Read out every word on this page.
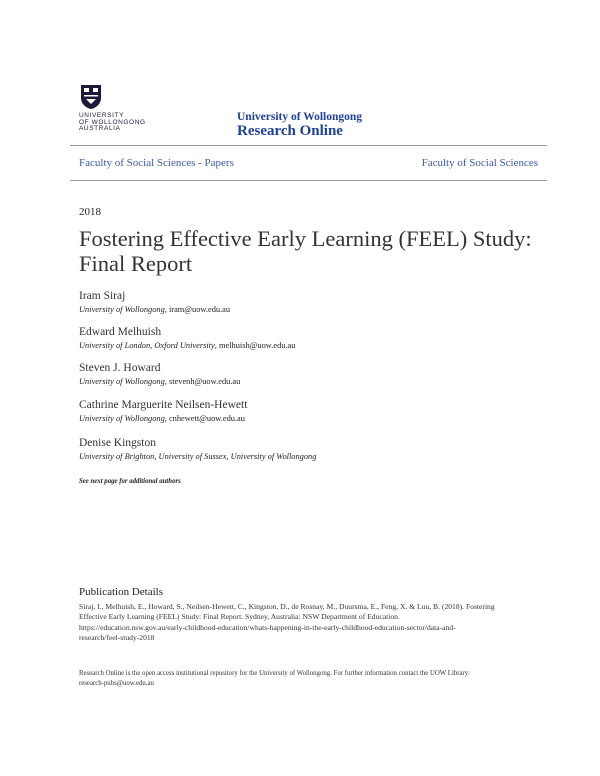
UNIVERSITY
OF WOLLONGONG
AUSTRALIA
University of Wollongong
Research Online
Faculty of Social Sciences - Papers	Faculty of Social Sciences
2018
Fostering Effective Early Learning (FEEL) Study: Final Report
Iram Siraj
University of Wollongong, iram@uow.edu.au
Edward Melhuish
University of London, Oxford University, melhuish@uow.edu.au
Steven J. Howard
University of Wollongong, stevenh@uow.edu.au
Cathrine Marguerite Neilsen-Hewett
University of Wollongong, cnhewett@uow.edu.au
Denise Kingston
University of Brighton, University of Sussex, University of Wollongong
See next page for additional authors
Publication Details
Siraj, I., Melhuish, E., Howard, S., Neilsen-Hewett, C., Kingston, D., de Rosnay, M., Duursma, E., Feng, X. & Luu, B. (2018). Fostering
Effective Early Learning (FEEL) Study: Final Report. Sydney, Australia: NSW Department of Education.
https://education.nsw.gov.au/early-childhood-education/whats-happening-in-the-early-childhood-education-sector/data-and-
research/feel-study-2018
Research Online is the open access institutional repository for the University of Wollongong. For further information contact the UOW Library:
research-pubs@uow.edu.au
